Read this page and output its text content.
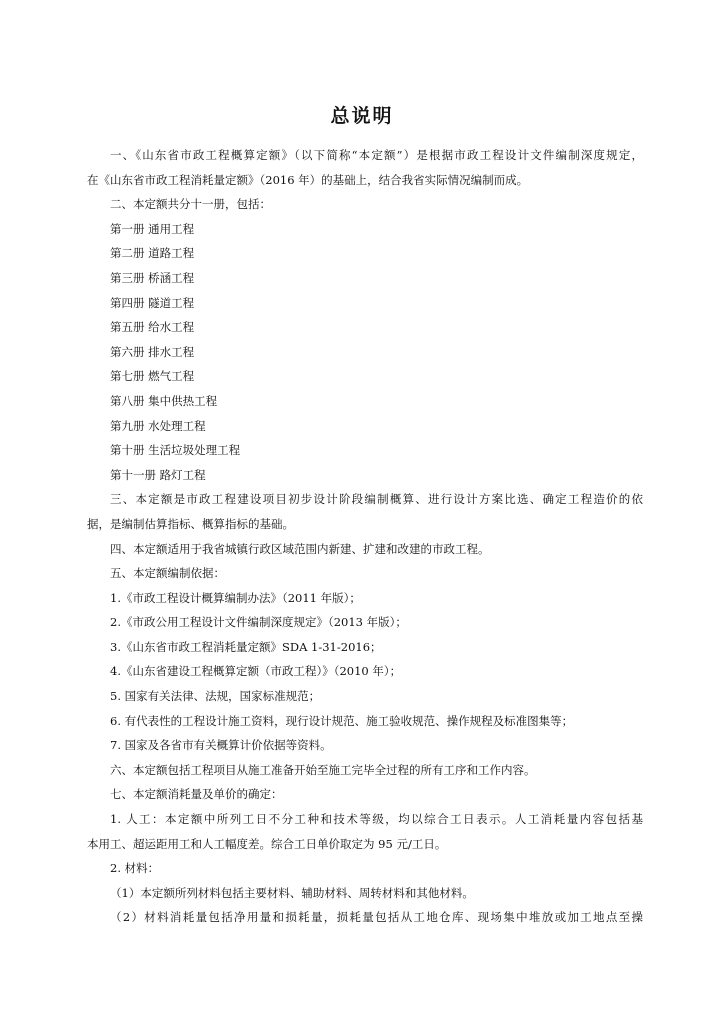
总说明
一、《山东省市政工程概算定额》（以下简称“本定额”）是根据市政工程设计文件编制深度规定，
在《山东省市政工程消耗量定额》（2016 年）的基础上，结合我省实际情况编制而成。
二、本定额共分十一册，包括：
第一册 通用工程
第二册 道路工程
第三册 桥涵工程
第四册 隧道工程
第五册 给水工程
第六册 排水工程
第七册 燃气工程
第八册 集中供热工程
第九册 水处理工程
第十册 生活垃圾处理工程
第十一册 路灯工程
三、本定额是市政工程建设项目初步设计阶段编制概算、进行设计方案比选、确定工程造价的依
据，是编制估算指标、概算指标的基础。
四、本定额适用于我省城镇行政区域范围内新建、扩建和改建的市政工程。
五、本定额编制依据：
1.《市政工程设计概算编制办法》（2011 年版）；
2.《市政公用工程设计文件编制深度规定》（2013 年版）；
3.《山东省市政工程消耗量定额》SDA 1-31-2016；
4.《山东省建设工程概算定额（市政工程）》（2010 年）；
5. 国家有关法律、法规，国家标准规范；
6. 有代表性的工程设计施工资料，现行设计规范、施工验收规范、操作规程及标准图集等；
7. 国家及各省市有关概算计价依据等资料。
六、本定额包括工程项目从施工准备开始至施工完毕全过程的所有工序和工作内容。
七、本定额消耗量及单价的确定：
1. 人工：本定额中所列工日不分工种和技术等级，均以综合工日表示。人工消耗量内容包括基
本用工、超运距用工和人工幅度差。综合工日单价取定为 95 元/工日。
2. 材料：
（1）本定额所列材料包括主要材料、辅助材料、周转材料和其他材料。
（2）材料消耗量包括净用量和损耗量，损耗量包括从工地仓库、现场集中堆放或加工地点至操
